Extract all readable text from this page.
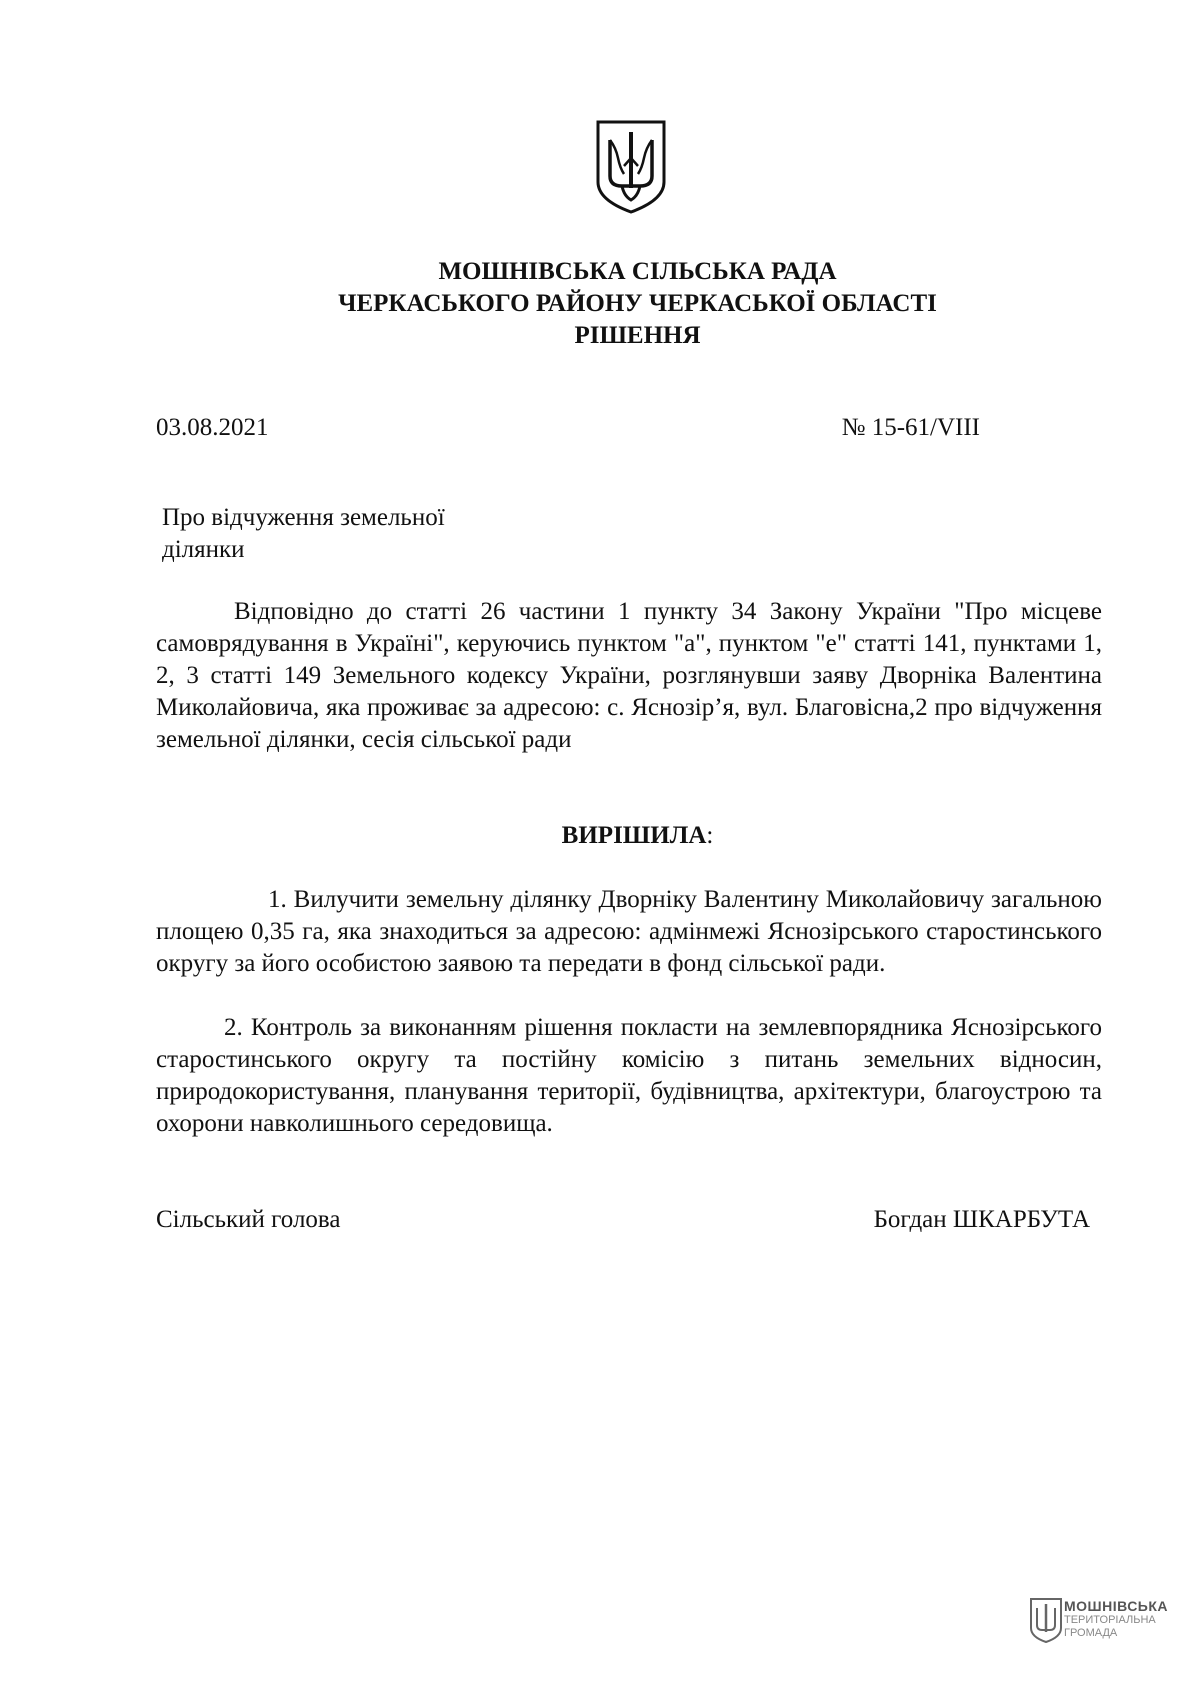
МОШНІВСЬКА СІЛЬСЬКА РАДА
ЧЕРКАСЬКОГО РАЙОНУ ЧЕРКАСЬКОЇ ОБЛАСТІ
РІШЕННЯ
03.08.2021	№ 15-61/VIII
Про відчуження земельної
ділянки

Відповідно до статті 26 частини 1 пункту 34 Закону України "Про місцеве самоврядування в Україні", керуючись пунктом "а", пунктом "е" статті 141, пунктами 1, 2, 3 статті 149 Земельного кодексу України, розглянувши заяву Дворніка Валентина Миколайовича, яка проживає за адресою: с. Яснозір’я, вул. Благовісна,2 про відчуження земельної ділянки, сесія сільської ради

ВИРІШИЛА:

1. Вилучити земельну ділянку Дворніку Валентину Миколайовичу загальною площею 0,35 га, яка знаходиться за адресою: адмінмежі Яснозірського старостинського округу за його особистою заявою та передати в фонд сільської ради.

2. Контроль за виконанням рішення покласти на землевпорядника Яснозірського старостинського округу та постійну комісію з питань земельних відносин, природокористування, планування території, будівництва, архітектури, благоустрою та охорони навколишнього середовища.

Сільський голова	Богдан ШКАРБУТА
МОШНІВСЬКА
ТЕРИТОРІАЛЬНА
ГРОМАДА
